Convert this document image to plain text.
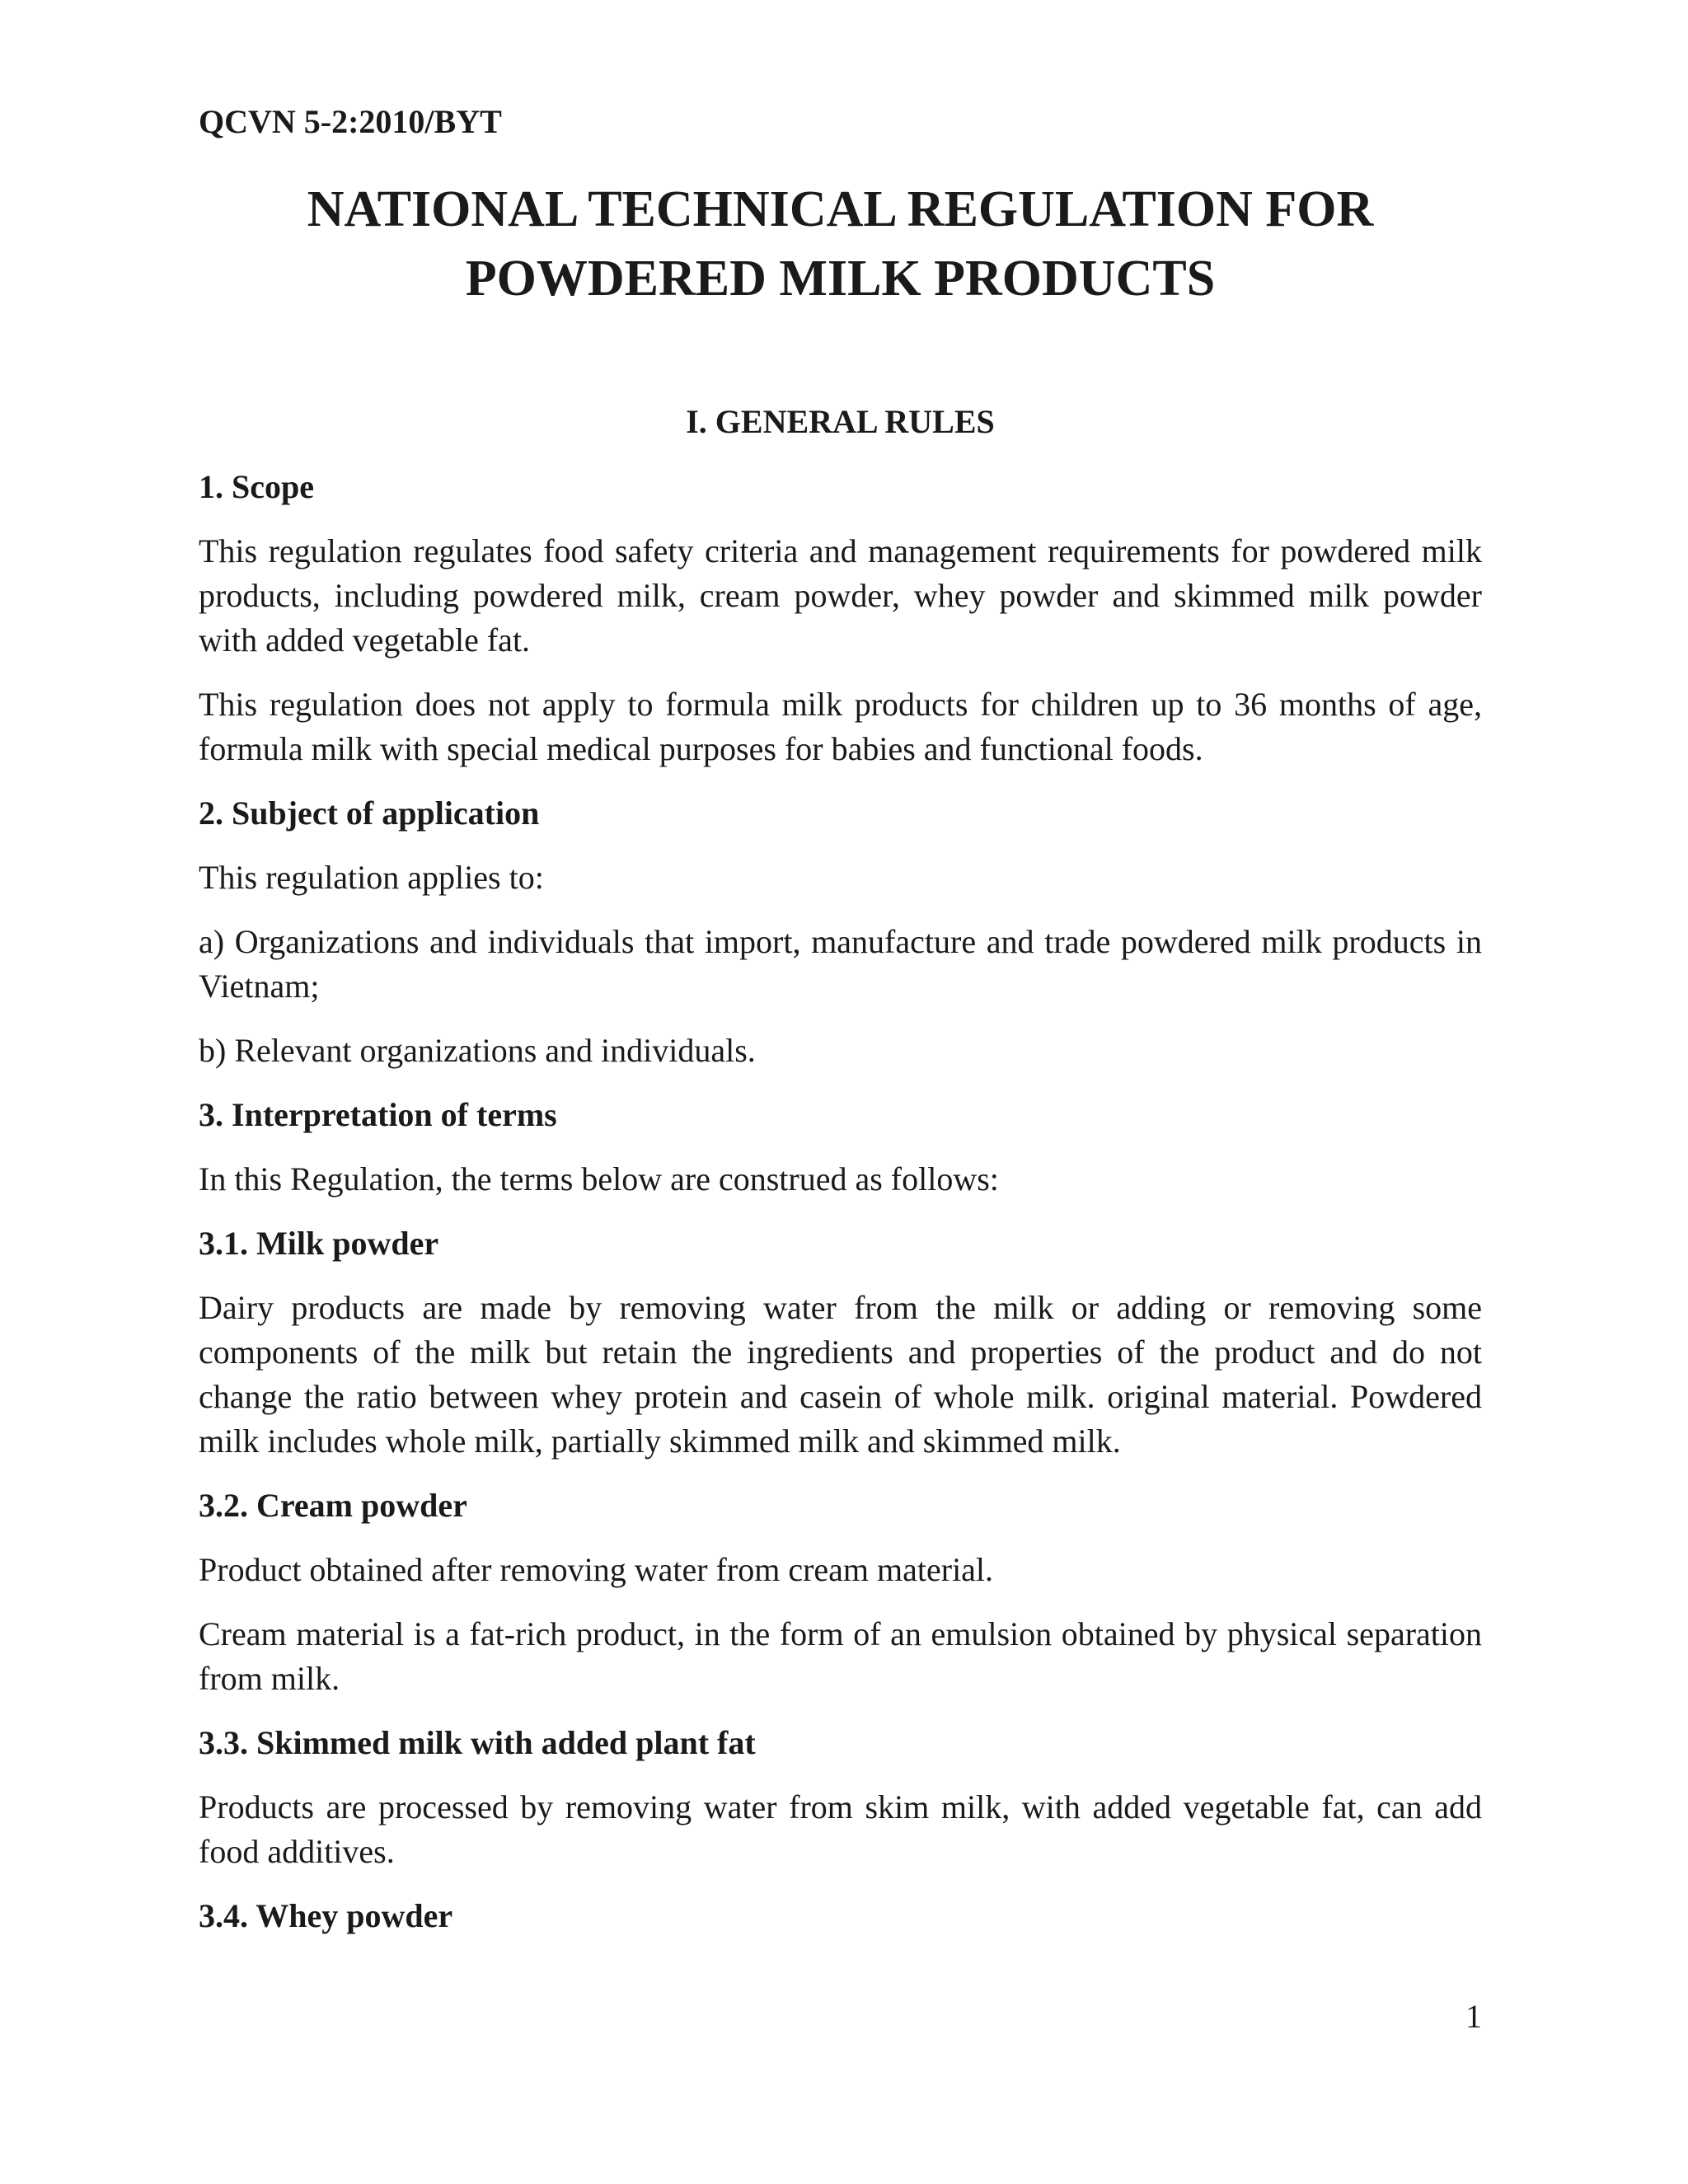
QCVN 5-2:2010/BYT

NATIONAL TECHNICAL REGULATION FOR
POWDERED MILK PRODUCTS
I. GENERAL RULES
1. Scope

This regulation regulates food safety criteria and management requirements for powdered milk products, including powdered milk, cream powder, whey powder and skimmed milk powder with added vegetable fat.

This regulation does not apply to formula milk products for children up to 36 months of age, formula milk with special medical purposes for babies and functional foods.

2. Subject of application

This regulation applies to:

a) Organizations and individuals that import, manufacture and trade powdered milk products in Vietnam;

b) Relevant organizations and individuals.

3. Interpretation of terms

In this Regulation, the terms below are construed as follows:

3.1. Milk powder

Dairy products are made by removing water from the milk or adding or removing some components of the milk but retain the ingredients and properties of the product and do not change the ratio between whey protein and casein of whole milk. original material. Powdered milk includes whole milk, partially skimmed milk and skimmed milk.

3.2. Cream powder

Product obtained after removing water from cream material.

Cream material is a fat-rich product, in the form of an emulsion obtained by physical separation from milk.

3.3. Skimmed milk with added plant fat

Products are processed by removing water from skim milk, with added vegetable fat, can add food additives.

3.4. Whey powder

1
